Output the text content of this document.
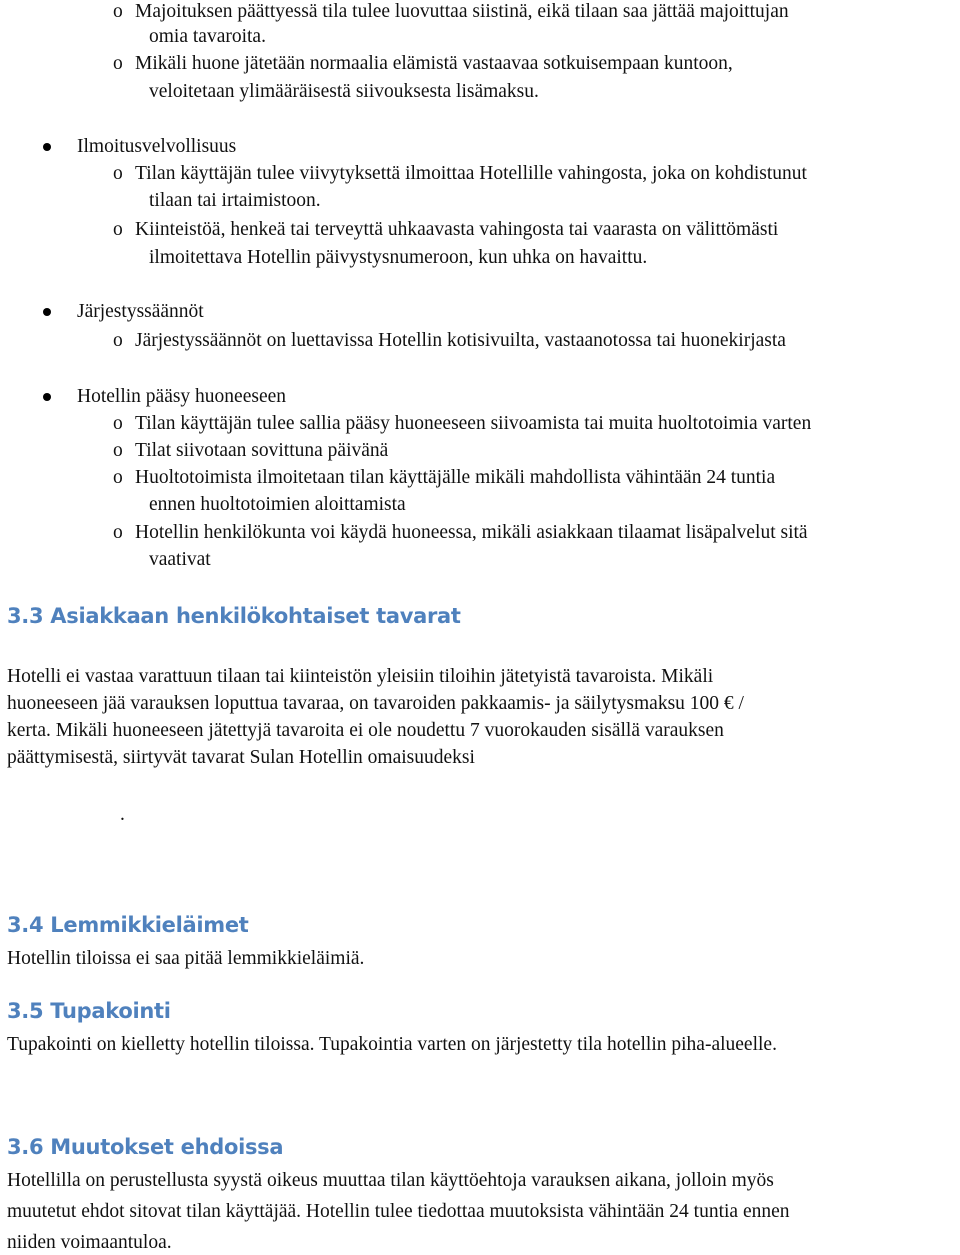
o Majoituksen päättyessä tila tulee luovuttaa siistinä, eikä tilaan saa jättää majoittujan
omia tavaroita.
o Mikäli huone jätetään normaalia elämistä vastaavaa sotkuisempaan kuntoon,
veloitetaan ylimääräisestä siivouksesta lisämaksu.
Ilmoitusvelvollisuus
o Tilan käyttäjän tulee viivytyksettä ilmoittaa Hotellille vahingosta, joka on kohdistunut
tilaan tai irtaimistoon.
o Kiinteistöä, henkeä tai terveyttä uhkaavasta vahingosta tai vaarasta on välittömästi
ilmoitettava Hotellin päivystysnumeroon, kun uhka on havaittu.
Järjestyssäännöt
o Järjestyssäännöt on luettavissa Hotellin kotisivuilta, vastaanotossa tai huonekirjasta
Hotellin pääsy huoneeseen
o Tilan käyttäjän tulee sallia pääsy huoneeseen siivoamista tai muita huoltotoimia varten
o Tilat siivotaan sovittuna päivänä
o Huoltotoimista ilmoitetaan tilan käyttäjälle mikäli mahdollista vähintään 24 tuntia
ennen huoltotoimien aloittamista
o Hotellin henkilökunta voi käydä huoneessa, mikäli asiakkaan tilaamat lisäpalvelut sitä
vaativat
3.3 Asiakkaan henkilökohtaiset tavarat
Hotelli ei vastaa varattuun tilaan tai kiinteistön yleisiin tiloihin jätetyistä tavaroista. Mikäli
huoneeseen jää varauksen loputtua tavaraa, on tavaroiden pakkaamis- ja säilytysmaksu 100 € /
kerta. Mikäli huoneeseen jätettyjä tavaroita ei ole noudettu 7 vuorokauden sisällä varauksen
päättymisestä, siirtyvät tavarat Sulan Hotellin omaisuudeksi
.
3.4 Lemmikkieläimet
Hotellin tiloissa ei saa pitää lemmikkieläimiä.
3.5 Tupakointi
Tupakointi on kielletty hotellin tiloissa. Tupakointia varten on järjestetty tila hotellin piha-alueelle.
3.6 Muutokset ehdoissa
Hotellilla on perustellusta syystä oikeus muuttaa tilan käyttöehtoja varauksen aikana, jolloin myös
muutetut ehdot sitovat tilan käyttäjää. Hotellin tulee tiedottaa muutoksista vähintään 24 tuntia ennen
niiden voimaantuloa.
